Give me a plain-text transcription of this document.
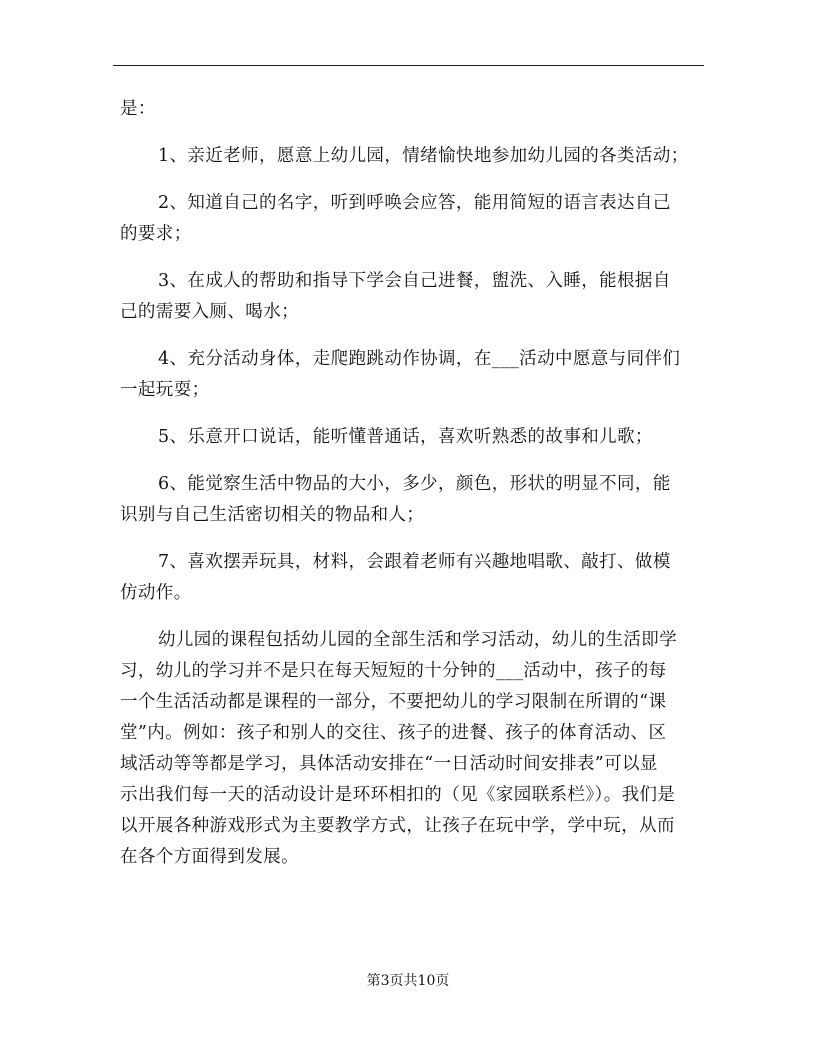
是：
1、亲近老师，愿意上幼儿园，情绪愉快地参加幼儿园的各类活动；
2、知道自己的名字，听到呼唤会应答，能用简短的语言表达自己
的要求；
3、在成人的帮助和指导下学会自己进餐，盥洗、入睡，能根据自
己的需要入厕、喝水；
4、充分活动身体，走爬跑跳动作协调，在___活动中愿意与同伴们
一起玩耍；
5、乐意开口说话，能听懂普通话，喜欢听熟悉的故事和儿歌；
6、能觉察生活中物品的大小，多少，颜色，形状的明显不同，能
识别与自己生活密切相关的物品和人；
7、喜欢摆弄玩具，材料，会跟着老师有兴趣地唱歌、敲打、做模
仿动作。
幼儿园的课程包括幼儿园的全部生活和学习活动，幼儿的生活即学
习，幼儿的学习并不是只在每天短短的十分钟的___活动中，孩子的每
一个生活活动都是课程的一部分，不要把幼儿的学习限制在所谓的“课
堂”内。例如：孩子和别人的交往、孩子的进餐、孩子的体育活动、区
域活动等等都是学习，具体活动安排在“一日活动时间安排表”可以显
示出我们每一天的活动设计是环环相扣的（见《家园联系栏》）。我们是
以开展各种游戏形式为主要教学方式，让孩子在玩中学，学中玩，从而
在各个方面得到发展。
第3页共10页
